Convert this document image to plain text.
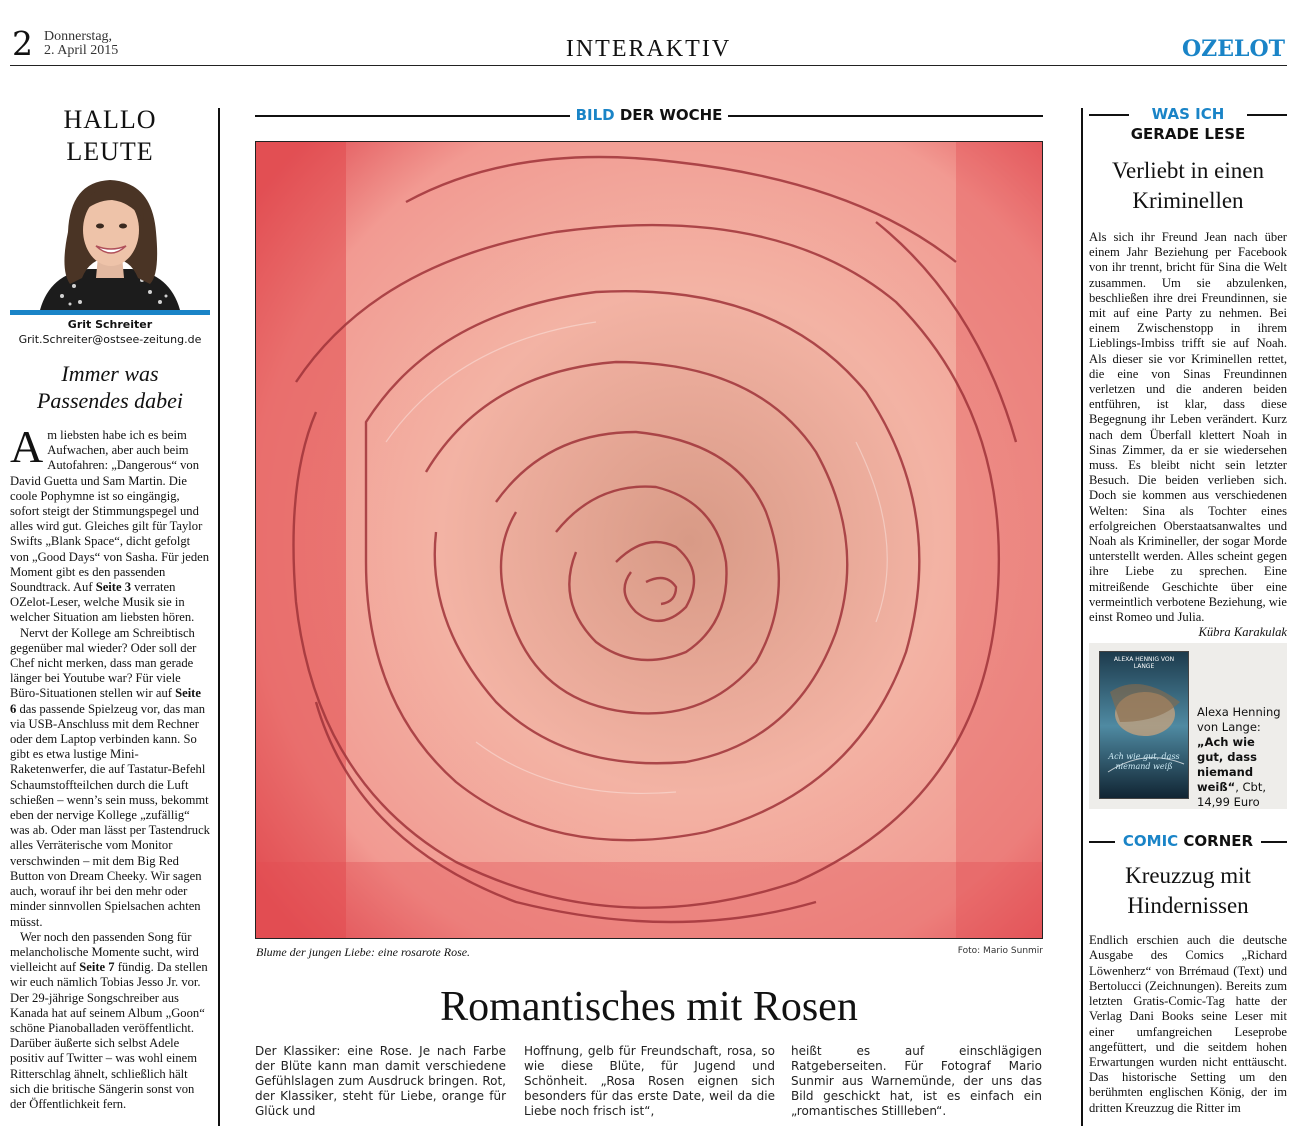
2 Donnerstag,
2. April 2015	INTERAKTIV	OZELOT
HALLO
LEUTE
Grit Schreiter
Grit.Schreiter@ostsee-zeitung.de
Immer was
Passendes dabei

Am liebsten habe ich es beim Aufwachen, aber auch beim Autofahren: „Dangerous“ von David Guetta und Sam Martin. Die coole Pophymne ist so eingängig, sofort steigt der Stimmungspegel und alles wird gut. Gleiches gilt für Taylor Swifts „Blank Space“, dicht gefolgt von „Good Days“ von Sasha. Für jeden Moment gibt es den passenden Soundtrack. Auf Seite 3 verraten OZelot-Leser, welche Musik sie in welcher Situation am liebsten hören.

Nervt der Kollege am Schreibtisch gegenüber mal wieder? Oder soll der Chef nicht merken, dass man gerade länger bei Youtube war? Für viele Büro-Situationen stellen wir auf Seite 6 das passende Spielzeug vor, das man via USB-Anschluss mit dem Rechner oder dem Laptop verbinden kann. So gibt es etwa lustige Mini-Raketenwerfer, die auf Tastatur-Befehl Schaumstoffteilchen durch die Luft schießen – wenn’s sein muss, bekommt eben der nervige Kollege „zufällig“ was ab. Oder man lässt per Tastendruck alles Verräterische vom Monitor verschwinden – mit dem Big Red Button von Dream Cheeky. Wir sagen auch, worauf ihr bei den mehr oder minder sinnvollen Spielsachen achten müsst.

Wer noch den passenden Song für melancholische Momente sucht, wird vielleicht auf Seite 7 fündig. Da stellen wir euch nämlich Tobias Jesso Jr. vor. Der 29-jährige Songschreiber aus Kanada hat auf seinem Album „Goon“ schöne Pianoballaden veröffentlicht. Darüber äußerte sich selbst Adele positiv auf Twitter – was wohl einem Ritterschlag ähnelt, schließlich hält sich die britische Sängerin sonst von der Öffentlichkeit fern.

BILD DER WOCHE
Blume der jungen Liebe: eine rosarote Rose.	Foto: Mario Sunmir
Romantisches mit Rosen
Der Klassiker: eine Rose. Je nach Farbe der Blüte kann man damit verschiedene Gefühlslagen zum Ausdruck bringen. Rot, der Klassiker, steht für Liebe, orange für Glück und
Hoffnung, gelb für Freundschaft, rosa, so wie diese Blüte, für Jugend und Schönheit. „Rosa Rosen eignen sich besonders für das erste Date, weil da die Liebe noch frisch ist“,
heißt es auf einschlägigen Ratgeberseiten. Für Fotograf Mario Sunmir aus Warnemünde, der uns das Bild geschickt hat, ist es einfach ein „romantisches Stillleben“.
WAS ICH
GERADE LESE
Verliebt in einen Kriminellen
Als sich ihr Freund Jean nach über einem Jahr Beziehung per Facebook von ihr trennt, bricht für Sina die Welt zusammen. Um sie abzulenken, beschließen ihre drei Freundinnen, sie mit auf eine Party zu nehmen. Bei einem Zwischenstopp in ihrem Lieblings-Imbiss trifft sie auf Noah. Als dieser sie vor Kriminellen rettet, die eine von Sinas Freundinnen verletzen und die anderen beiden entführen, ist klar, dass diese Begegnung ihr Leben verändert. Kurz nach dem Überfall klettert Noah in Sinas Zimmer, da er sie wiedersehen muss. Es bleibt nicht sein letzter Besuch. Die beiden verlieben sich. Doch sie kommen aus verschiedenen Welten: Sina als Tochter eines erfolgreichen Oberstaatsanwaltes und Noah als Krimineller, der sogar Morde unterstellt werden. Alles scheint gegen ihre Liebe zu sprechen. Eine mitreißende Geschichte über eine vermeintlich verbotene Beziehung, wie einst Romeo und Julia.
Kübra Karakulak
ALEXA HENNIG VON LANGE
Ach wie gut, dass niemand weiß
Alexa Henning von Lange: „Ach wie gut, dass niemand weiß“, Cbt, 14,99 Euro
COMIC CORNER
Kreuzzug mit Hindernissen
Endlich erschien auch die deutsche Ausgabe des Comics „Richard Löwenherz“ von Brrémaud (Text) und Bertolucci (Zeichnungen). Bereits zum letzten Gratis-Comic-Tag hatte der Verlag Dani Books seine Leser mit einer umfangreichen Leseprobe angefüttert, und die seitdem hohen Erwartungen wurden nicht enttäuscht. Das historische Setting um den berühmten englischen König, der im dritten Kreuzzug die Ritter im
